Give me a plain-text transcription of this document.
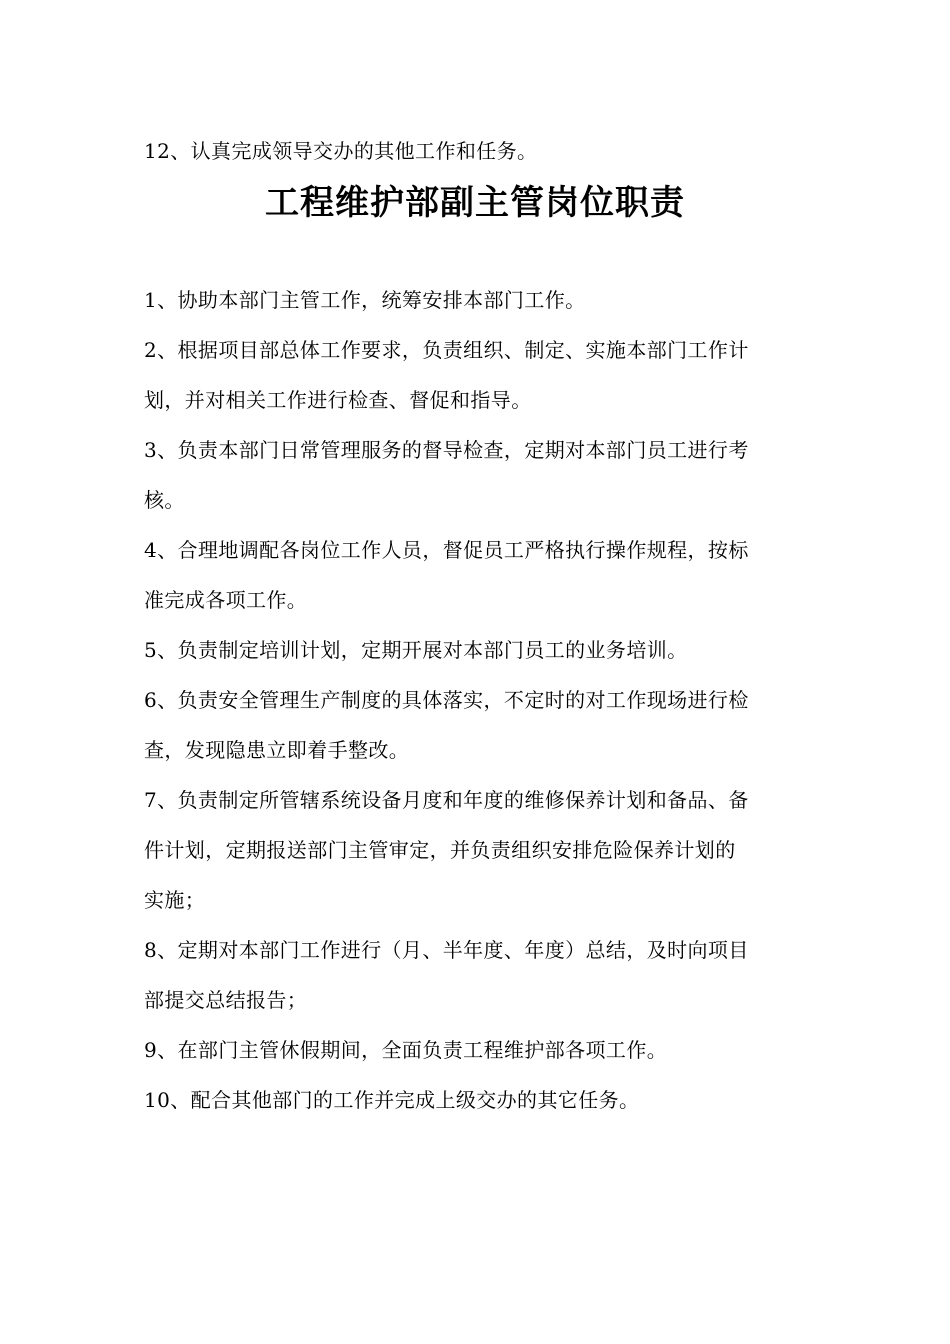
12、认真完成领导交办的其他工作和任务。
工程维护部副主管岗位职责
1、协助本部门主管工作，统筹安排本部门工作。
2、根据项目部总体工作要求，负责组织、制定、实施本部门工作计
划，并对相关工作进行检查、督促和指导。
3、负责本部门日常管理服务的督导检查，定期对本部门员工进行考
核。
4、合理地调配各岗位工作人员，督促员工严格执行操作规程，按标
准完成各项工作。
5、负责制定培训计划，定期开展对本部门员工的业务培训。
6、负责安全管理生产制度的具体落实，不定时的对工作现场进行检
查，发现隐患立即着手整改。
7、负责制定所管辖系统设备月度和年度的维修保养计划和备品、备
件计划，定期报送部门主管审定，并负责组织安排危险保养计划的
实施；
8、定期对本部门工作进行（月、半年度、年度）总结，及时向项目
部提交总结报告；
9、在部门主管休假期间，全面负责工程维护部各项工作。
10、配合其他部门的工作并完成上级交办的其它任务。
